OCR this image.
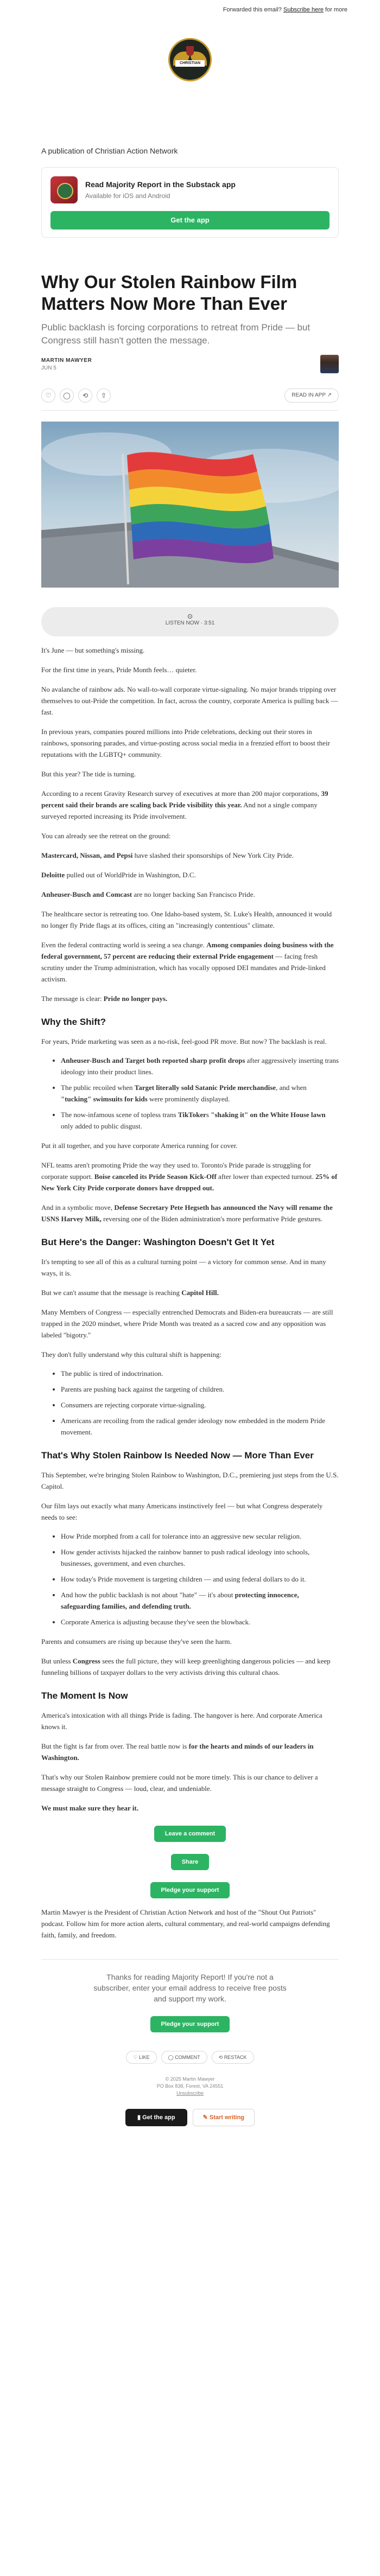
Forwarded this email? Subscribe here for more
CHRISTIAN ACTION
A publication of Christian Action Network
Read Majority Report in the Substack app
Available for iOS and Android
Get the app
Why Our Stolen Rainbow Film Matters Now More Than Ever
Public backlash is forcing corporations to retreat from Pride — but Congress still hasn't gotten the message.
MARTIN MAWYER
JUN 5
♡	◯	⟲	⇧	READ IN APP ↗
⊙
LISTEN NOW · 3:51

It's June — but something's missing.

For the first time in years, Pride Month feels… quieter.

No avalanche of rainbow ads. No wall-to-wall corporate virtue-signaling. No major brands tripping over themselves to out-Pride the competition. In fact, across the country, corporate America is pulling back — fast.

In previous years, companies poured millions into Pride celebrations, decking out their stores in rainbows, sponsoring parades, and virtue-posting across social media in a frenzied effort to boost their reputations with the LGBTQ+ community.

But this year? The tide is turning.

According to a recent Gravity Research survey of executives at more than 200 major corporations, 39 percent said their brands are scaling back Pride visibility this year. And not a single company surveyed reported increasing its Pride involvement.

You can already see the retreat on the ground:

Mastercard, Nissan, and Pepsi have slashed their sponsorships of New York City Pride.

Deloitte pulled out of WorldPride in Washington, D.C.

Anheuser-Busch and Comcast are no longer backing San Francisco Pride.

The healthcare sector is retreating too. One Idaho-based system, St. Luke's Health, announced it would no longer fly Pride flags at its offices, citing an "increasingly contentious" climate.

Even the federal contracting world is seeing a sea change. Among companies doing business with the federal government, 57 percent are reducing their external Pride engagement — facing fresh scrutiny under the Trump administration, which has vocally opposed DEI mandates and Pride-linked activism.

The message is clear: Pride no longer pays.

Why the Shift?

For years, Pride marketing was seen as a no-risk, feel-good PR move. But now? The backlash is real.

• Anheuser-Busch and Target both reported sharp profit drops after aggressively inserting trans ideology into their product lines.
• The public recoiled when Target literally sold Satanic Pride merchandise, and when "tucking" swimsuits for kids were prominently displayed.
• The now-infamous scene of topless trans TikTokers "shaking it" on the White House lawn only added to public disgust.

Put it all together, and you have corporate America running for cover.

NFL teams aren't promoting Pride the way they used to. Toronto's Pride parade is struggling for corporate support. Boise canceled its Pride Season Kick-Off after lower than expected turnout. 25% of New York City Pride corporate donors have dropped out.

And in a symbolic move, Defense Secretary Pete Hegseth has announced the Navy will rename the USNS Harvey Milk, reversing one of the Biden administration's more performative Pride gestures.

But Here's the Danger: Washington Doesn't Get It Yet

It's tempting to see all of this as a cultural turning point — a victory for common sense. And in many ways, it is.

But we can't assume that the message is reaching Capitol Hill.

Many Members of Congress — especially entrenched Democrats and Biden-era bureaucrats — are still trapped in the 2020 mindset, where Pride Month was treated as a sacred cow and any opposition was labeled "bigotry."

They don't fully understand why this cultural shift is happening:

• The public is tired of indoctrination.
• Parents are pushing back against the targeting of children.
• Consumers are rejecting corporate virtue-signaling.
• Americans are recoiling from the radical gender ideology now embedded in the modern Pride movement.
That's Why Stolen Rainbow Is Needed Now — More Than Ever

This September, we're bringing Stolen Rainbow to Washington, D.C., premiering just steps from the U.S. Capitol.

Our film lays out exactly what many Americans instinctively feel — but what Congress desperately needs to see:

• How Pride morphed from a call for tolerance into an aggressive new secular religion.
• How gender activists hijacked the rainbow banner to push radical ideology into schools, businesses, government, and even churches.
• How today's Pride movement is targeting children — and using federal dollars to do it.
• And how the public backlash is not about "hate" — it's about protecting innocence, safeguarding families, and defending truth.
• Corporate America is adjusting because they've seen the blowback.

Parents and consumers are rising up because they've seen the harm.

But unless Congress sees the full picture, they will keep greenlighting dangerous policies — and keep funneling billions of taxpayer dollars to the very activists driving this cultural chaos.

The Moment Is Now

America's intoxication with all things Pride is fading. The hangover is here. And corporate America knows it.

But the fight is far from over. The real battle now is for the hearts and minds of our leaders in Washington.

That's why our Stolen Rainbow premiere could not be more timely. This is our chance to deliver a message straight to Congress — loud, clear, and undeniable.

We must make sure they hear it.

Leave a comment
Share
Pledge your support

Martin Mawyer is the President of Christian Action Network and host of the "Shout Out Patriots" podcast. Follow him for more action alerts, cultural commentary, and real-world campaigns defending faith, family, and freedom.

Thanks for reading Majority Report! If you're not a subscriber, enter your email address to receive free posts and support my work.
Pledge your support
♡ LIKE	◯ COMMENT	⟲ RESTACK
© 2025 Martin Mawyer
PO Box 838, Forest, VA 24551
Unsubscribe
▮ Get the app	✎ Start writing
